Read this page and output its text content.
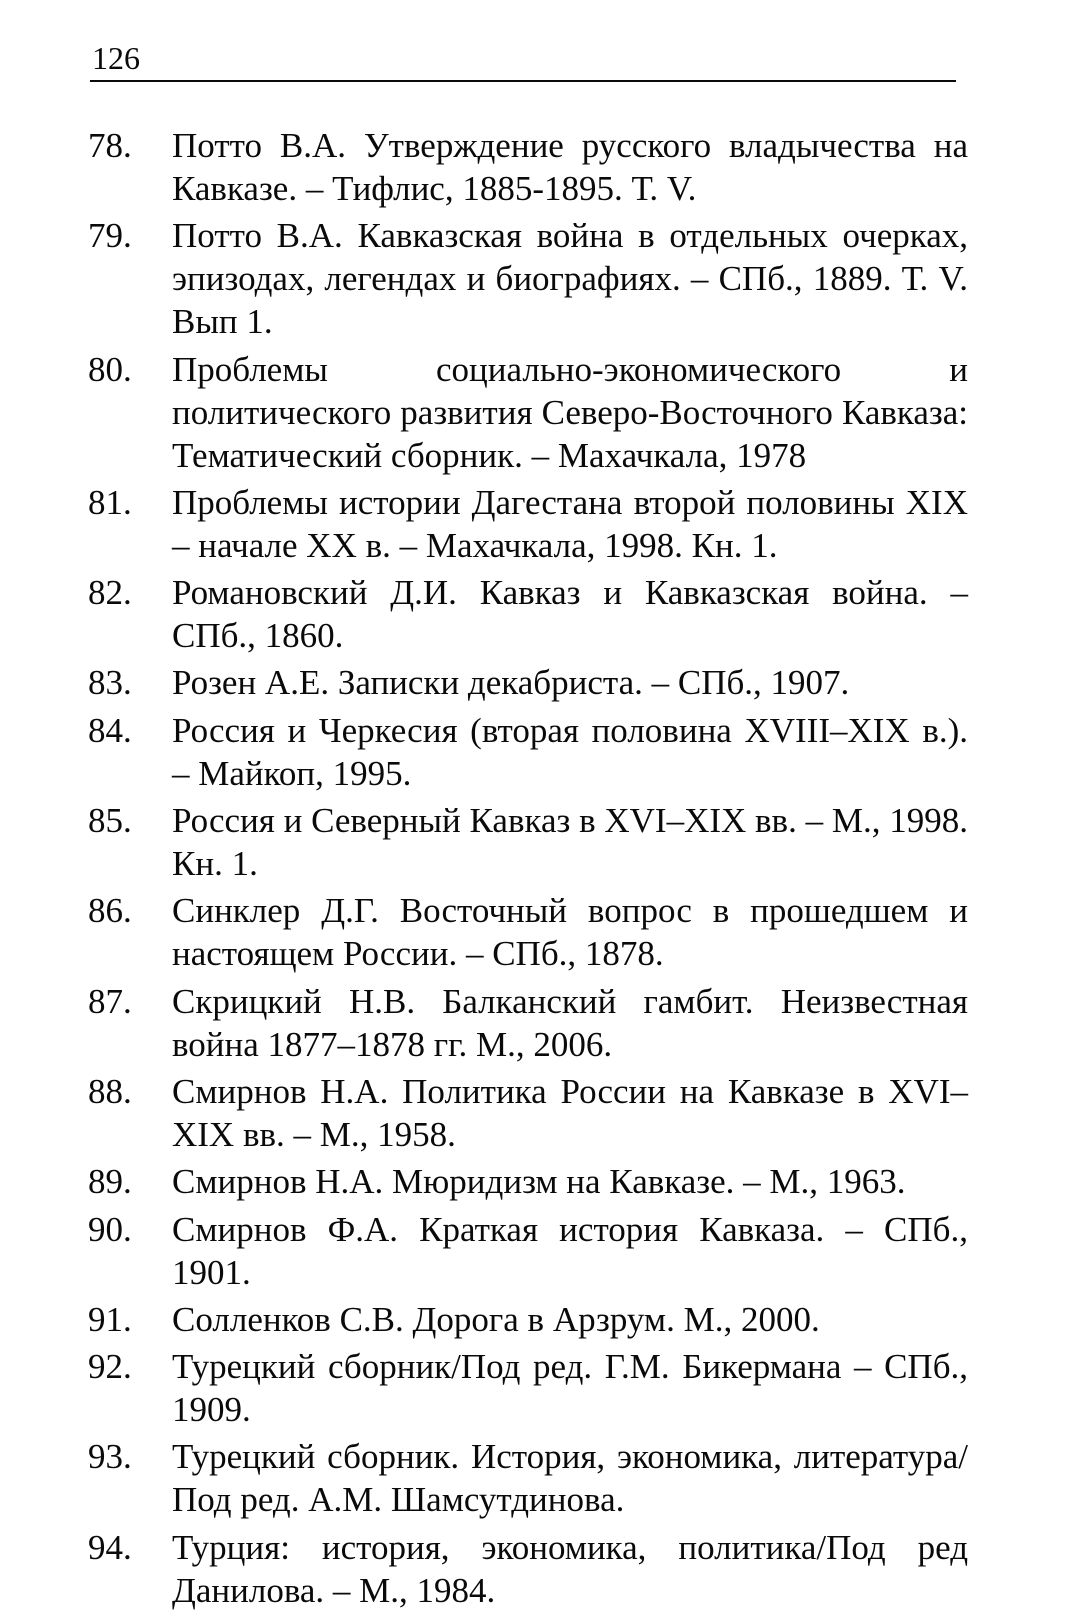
126
78.	Потто В.А. Утверждение русского владычества на Кавказе. – Тифлис, 1885-1895. Т. V.
79.	Потто В.А. Кавказская война в отдельных очерках, эпизодах, легендах и биографиях. – СПб., 1889. Т. V. Вып 1.
80.	Проблемы социально-экономического и политического развития Северо-Восточного Кавказа: Тематический сборник. – Махачкала, 1978
81.	Проблемы истории Дагестана второй половины XIX – начале XX в. – Махачкала, 1998. Кн. 1.
82.	Романовский Д.И. Кавказ и Кавказская война. – СПб., 1860.
83.	Розен А.Е. Записки декабриста. – СПб., 1907.
84.	Россия и Черкесия (вторая половина XVIII–XIX в.). – Майкоп, 1995.
85.	Россия и Северный Кавказ в XVI–XIX вв. – М., 1998. Кн. 1.
86.	Синклер Д.Г. Восточный вопрос в прошедшем и настоящем России. – СПб., 1878.
87.	Скрицкий Н.В. Балканский гамбит. Неизвестная война 1877–1878 гг. М., 2006.
88.	Смирнов Н.А. Политика России на Кавказе в XVI–XIX вв. – М., 1958.
89.	Смирнов Н.А. Мюридизм на Кавказе. – М., 1963.
90.	Смирнов Ф.А. Краткая история Кавказа. – СПб., 1901.
91.	Солленков С.В. Дорога в Арзрум. М., 2000.
92.	Турецкий сборник/Под ред. Г.М. Бикермана – СПб., 1909.
93.	Турецкий сборник. История, экономика, литература/Под ред. А.М. Шамсутдинова.
94.	Турция: история, экономика, политика/Под ред Данилова. – М., 1984.
